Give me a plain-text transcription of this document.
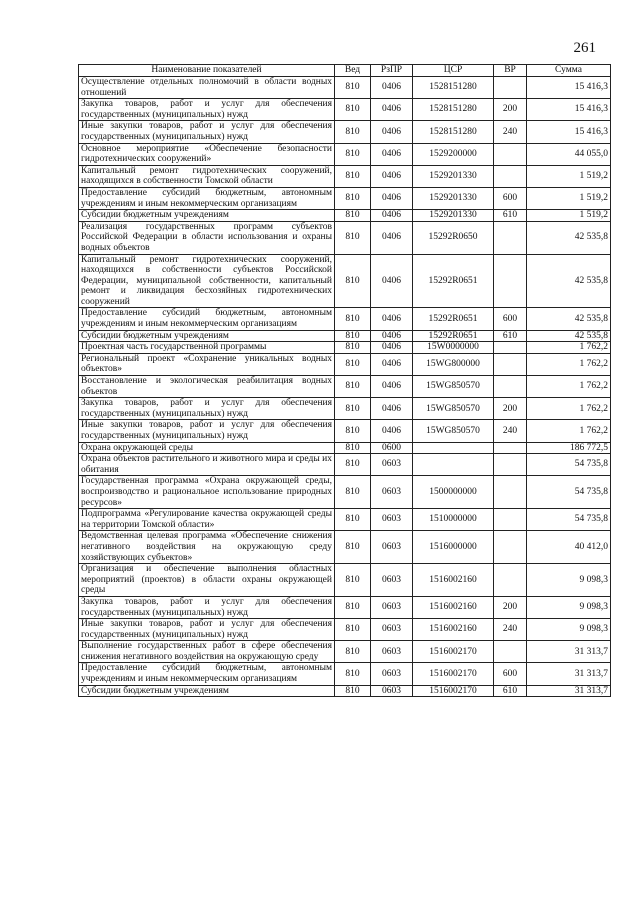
261
Наименование показателей	Вед	РзПР	ЦСР	ВР	Сумма
Осуществление отдельных полномочий в области водных отношений	810	0406	1528151280		15 416,3
Закупка товаров, работ и услуг для обеспечения государственных (муниципальных) нужд	810	0406	1528151280	200	15 416,3
Иные закупки товаров, работ и услуг для обеспечения государственных (муниципальных) нужд	810	0406	1528151280	240	15 416,3
Основное мероприятие «Обеспечение безопасности гидротехнических сооружений»	810	0406	1529200000		44 055,0
Капитальный ремонт гидротехнических сооружений, находящихся в собственности Томской области	810	0406	1529201330		1 519,2
Предоставление субсидий бюджетным, автономным учреждениям и иным некоммерческим организациям	810	0406	1529201330	600	1 519,2
Субсидии бюджетным учреждениям	810	0406	1529201330	610	1 519,2
Реализация государственных программ субъектов Российской Федерации в области использования и охраны водных объектов	810	0406	15292R0650		42 535,8
Капитальный ремонт гидротехнических сооружений, находящихся в собственности субъектов Российской Федерации, муниципальной собственности, капитальный ремонт и ликвидация бесхозяйных гидротехнических сооружений	810	0406	15292R0651		42 535,8
Предоставление субсидий бюджетным, автономным учреждениям и иным некоммерческим организациям	810	0406	15292R0651	600	42 535,8
Субсидии бюджетным учреждениям	810	0406	15292R0651	610	42 535,8
Проектная часть государственной программы	810	0406	15W0000000		1 762,2
Региональный проект «Сохранение уникальных водных объектов»	810	0406	15WG800000		1 762,2
Восстановление и экологическая реабилитация водных объектов	810	0406	15WG850570		1 762,2
Закупка товаров, работ и услуг для обеспечения государственных (муниципальных) нужд	810	0406	15WG850570	200	1 762,2
Иные закупки товаров, работ и услуг для обеспечения государственных (муниципальных) нужд	810	0406	15WG850570	240	1 762,2
Охрана окружающей среды	810	0600			186 772,5
Охрана объектов растительного и животного мира и среды их обитания	810	0603			54 735,8
Государственная программа «Охрана окружающей среды, воспроизводство и рациональное использование природных ресурсов»	810	0603	1500000000		54 735,8
Подпрограмма «Регулирование качества окружающей среды на территории Томской области»	810	0603	1510000000		54 735,8
Ведомственная целевая программа «Обеспечение снижения негативного воздействия на окружающую среду хозяйствующих субъектов»	810	0603	1516000000		40 412,0
Организация и обеспечение выполнения областных мероприятий (проектов) в области охраны окружающей среды	810	0603	1516002160		9 098,3
Закупка товаров, работ и услуг для обеспечения государственных (муниципальных) нужд	810	0603	1516002160	200	9 098,3
Иные закупки товаров, работ и услуг для обеспечения государственных (муниципальных) нужд	810	0603	1516002160	240	9 098,3
Выполнение государственных работ в сфере обеспечения снижения негативного воздействия на окружающую среду	810	0603	1516002170		31 313,7
Предоставление субсидий бюджетным, автономным учреждениям и иным некоммерческим организациям	810	0603	1516002170	600	31 313,7
Субсидии бюджетным учреждениям	810	0603	1516002170	610	31 313,7
